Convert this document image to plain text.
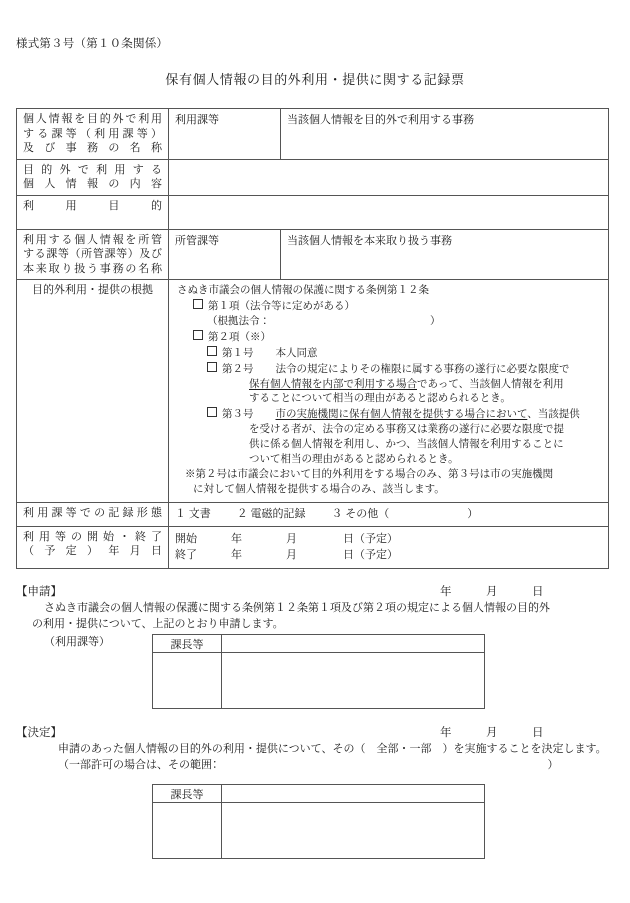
様式第３号（第１０条関係）
保有個人情報の目的外利用・提供に関する記録票
個人情報を目的外で利用
する課等（利用課等）
及び事務の名称	利用課等	当該個人情報を目的外で利用する事務

目的外で利用する
個人情報の内容		

利用目的		

利用する個人情報を所管
する課等（所管課等）及び
本来取り扱う事務の名称	所管課等	当該個人情報を本来取り扱う事務

目的外利用・提供の根拠	さぬき市議会の個人情報の保護に関する条例第１２条
第１項（法令等に定めがある）
（根拠法令：	）
第２項（※）
第１号 本人同意
第２号 法令の規定によりその権限に属する事務の遂行に必要な限度で
保有個人情報を内部で利用する場合であって、当該個人情報を利用
することについて相当の理由があると認められるとき。
第３号 市の実施機関に保有個人情報を提供する場合において、当該提供
を受ける者が、法令の定める事務又は業務の遂行に必要な限度で提
供に係る個人情報を利用し、かつ、当該個人情報を利用することに
ついて相当の理由があると認められるとき。
※第２号は市議会において目的外利用をする場合のみ、第３号は市の実施機関
に対して個人情報を提供する場合のみ、該当します。

利用課等での記録形態	１ 文書 ２ 電磁的記録 ３ その他（ ）	

利用等の開始・終了
（予定）年月日

開始	年	月	日（予定）
終了	年	月	日（予定）
【申請】	年　　　月　　　日
さぬき市議会の個人情報の保護に関する条例第１２条第１項及び第２項の規定による個人情報の目的外
の利用・提供について、上記のとおり申請します。
（利用課等）	課長等	

【決定】	年　　　月　　　日
申請のあった個人情報の目的外の利用・提供について、その（　全部・一部　）を実施することを決定します。
（一部許可の場合は、その範囲：　　　　　　　　　　　　　　　　　　　　　　　　　　　　　　）
課長等	
